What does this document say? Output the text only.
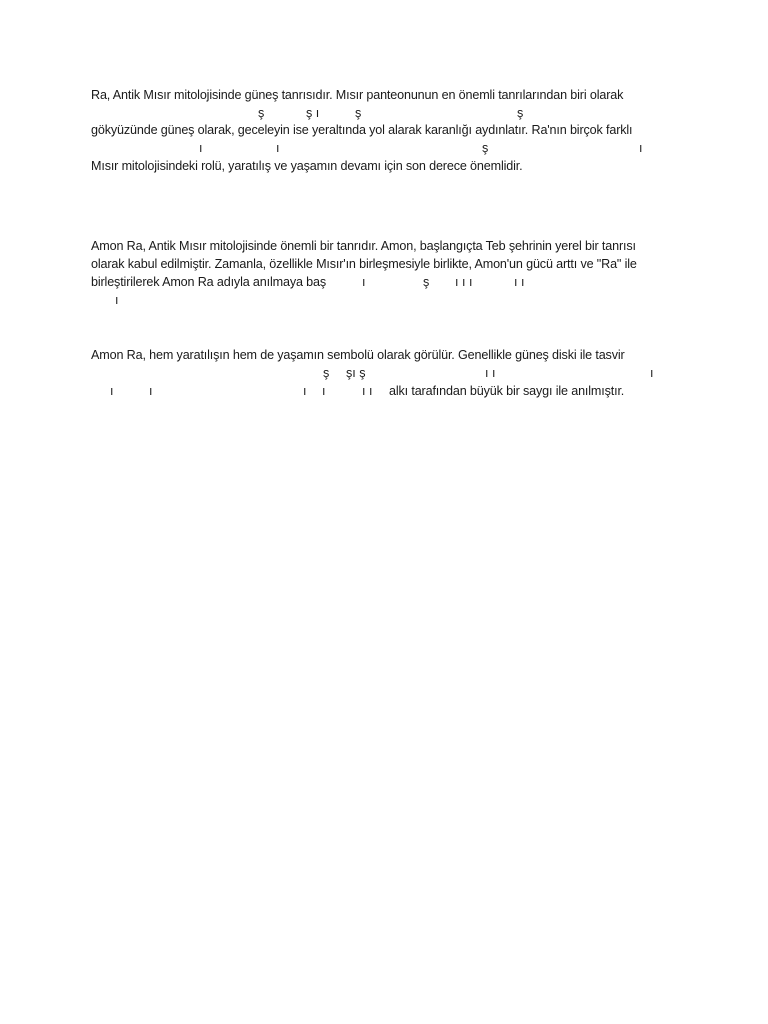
Ra, Antik Mısır mitolojisinde güneş tanrısıdır. Mısır panteonunun en önemli tanrılarından biri olarak
ş	ş ı	ş	ş
gökyüzünde güneş olarak, geceleyin ise yeraltında yol alarak karanlığı aydınlatır. Ra'nın birçok farklı
ı	ı	ş	ı
Mısır mitolojisindeki rolü, yaratılış ve yaşamın devamı için son derece önemlidir.
Amon Ra, Antik Mısır mitolojisinde önemli bir tanrıdır. Amon, başlangıçta Teb şehrinin yerel bir tanrısı
olarak kabul edilmiştir. Zamanla, özellikle Mısır'ın birleşmesiyle birlikte, Amon'un gücü arttı ve "Ra" ile
birleştirilerek Amon Ra adıyla anılmaya baş	ı	ş ı ı ı	ı ı
ı
Amon Ra, hem yaratılışın hem de yaşamın sembolü olarak görülür. Genellikle güneş diski ile tasvir
ş şı ş	ı ı	ı
ı	ı	ı ı	ı ı alkı tarafından büyük bir saygı ile anılmıştır.
